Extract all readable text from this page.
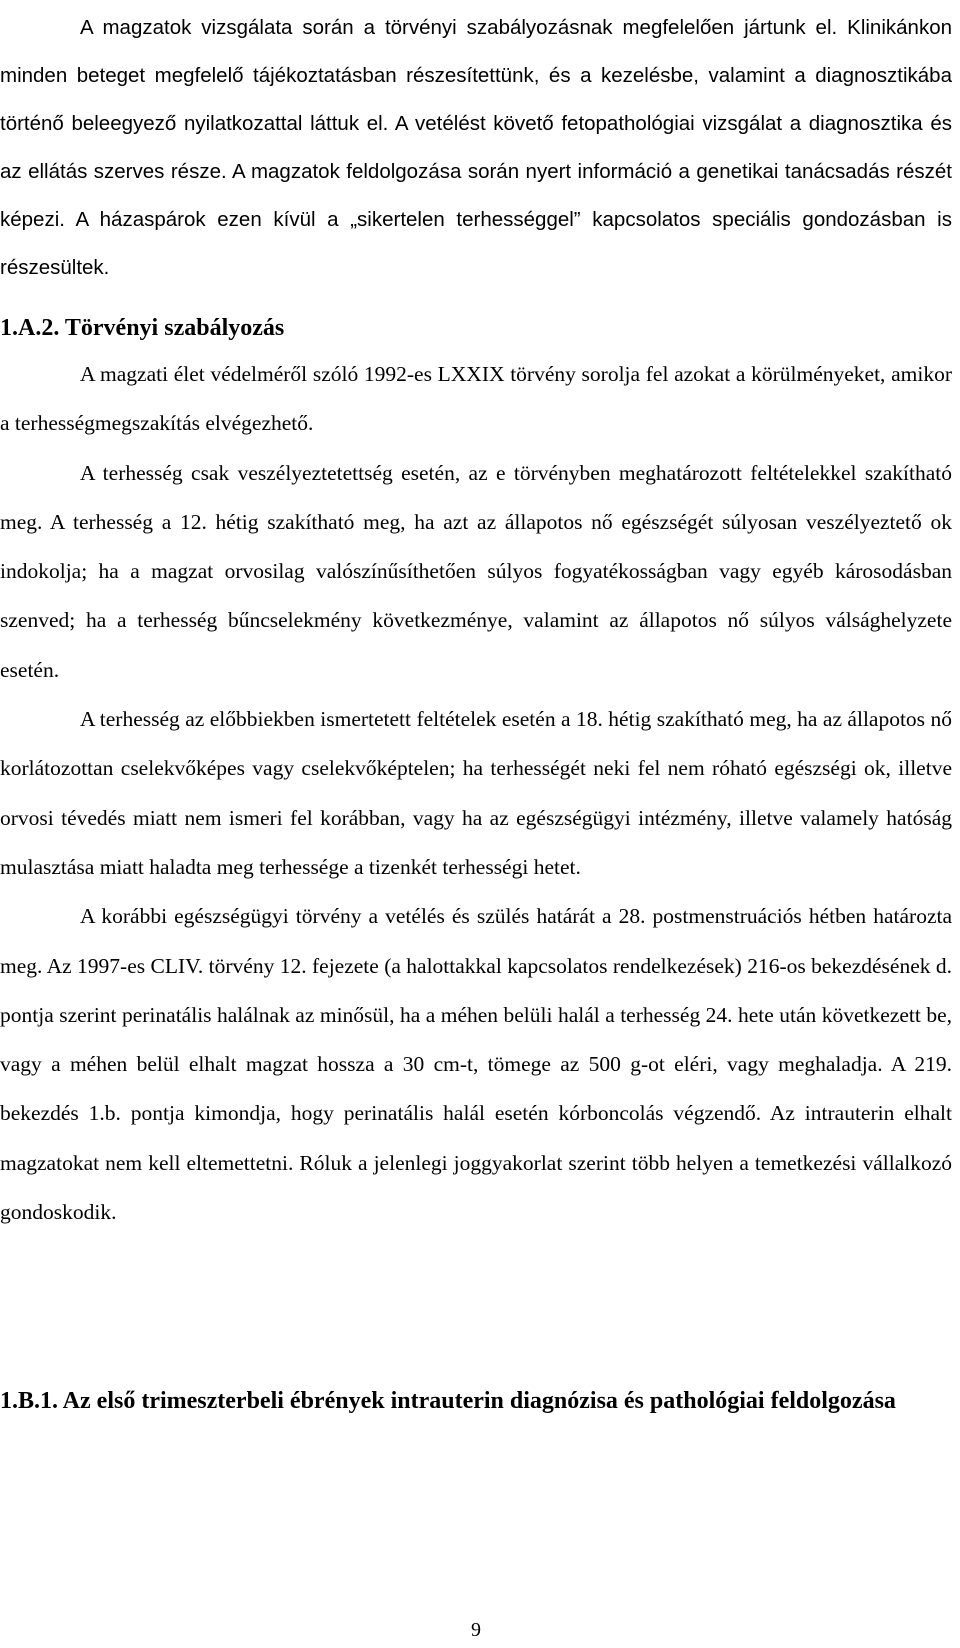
A magzatok vizsgálata során a törvényi szabályozásnak megfelelően jártunk el. Klinikánkon minden beteget megfelelő tájékoztatásban részesítettünk, és a kezelésbe, valamint a diagnosztikába történő beleegyező nyilatkozattal láttuk el. A vetélést követő fetopathológiai vizsgálat a diagnosztika és az ellátás szerves része. A magzatok feldolgozása során nyert információ a genetikai tanácsadás részét képezi. A házaspárok ezen kívül a „sikertelen terhességgel” kapcsolatos speciális gondozásban is részesültek.

1.A.2. Törvényi szabályozás

A magzati élet védelméről szóló 1992-es LXXIX törvény sorolja fel azokat a körülményeket, amikor a terhességmegszakítás elvégezhető.

A terhesség csak veszélyeztetettség esetén, az e törvényben meghatározott feltételekkel szakítható meg. A terhesség a 12. hétig szakítható meg, ha azt az állapotos nő egészségét súlyosan veszélyeztető ok indokolja; ha a magzat orvosilag valószínűsíthetően súlyos fogyatékosságban vagy egyéb károsodásban szenved; ha a terhesség bűncselekmény következménye, valamint az állapotos nő súlyos válsághelyzete esetén.

A terhesség az előbbiekben ismertetett feltételek esetén a 18. hétig szakítható meg, ha az állapotos nő korlátozottan cselekvőképes vagy cselekvőképtelen; ha terhességét neki fel nem róható egészségi ok, illetve orvosi tévedés miatt nem ismeri fel korábban, vagy ha az egészségügyi intézmény, illetve valamely hatóság mulasztása miatt haladta meg terhessége a tizenkét terhességi hetet.

A korábbi egészségügyi törvény a vetélés és szülés határát a 28. postmenstruációs hétben határozta meg. Az 1997-es CLIV. törvény 12. fejezete (a halottakkal kapcsolatos rendelkezések) 216-os bekezdésének d. pontja szerint perinatális halálnak az minősül, ha a méhen belüli halál a terhesség 24. hete után következett be, vagy a méhen belül elhalt magzat hossza a 30 cm-t, tömege az 500 g-ot eléri, vagy meghaladja. A 219. bekezdés 1.b. pontja kimondja, hogy perinatális halál esetén kórboncolás végzendő. Az intrauterin elhalt magzatokat nem kell eltemettetni. Róluk a jelenlegi joggyakorlat szerint több helyen a temetkezési vállalkozó gondoskodik.

1.B.1. Az első trimeszterbeli ébrények intrauterin diagnózisa és pathológiai feldolgozása
9
